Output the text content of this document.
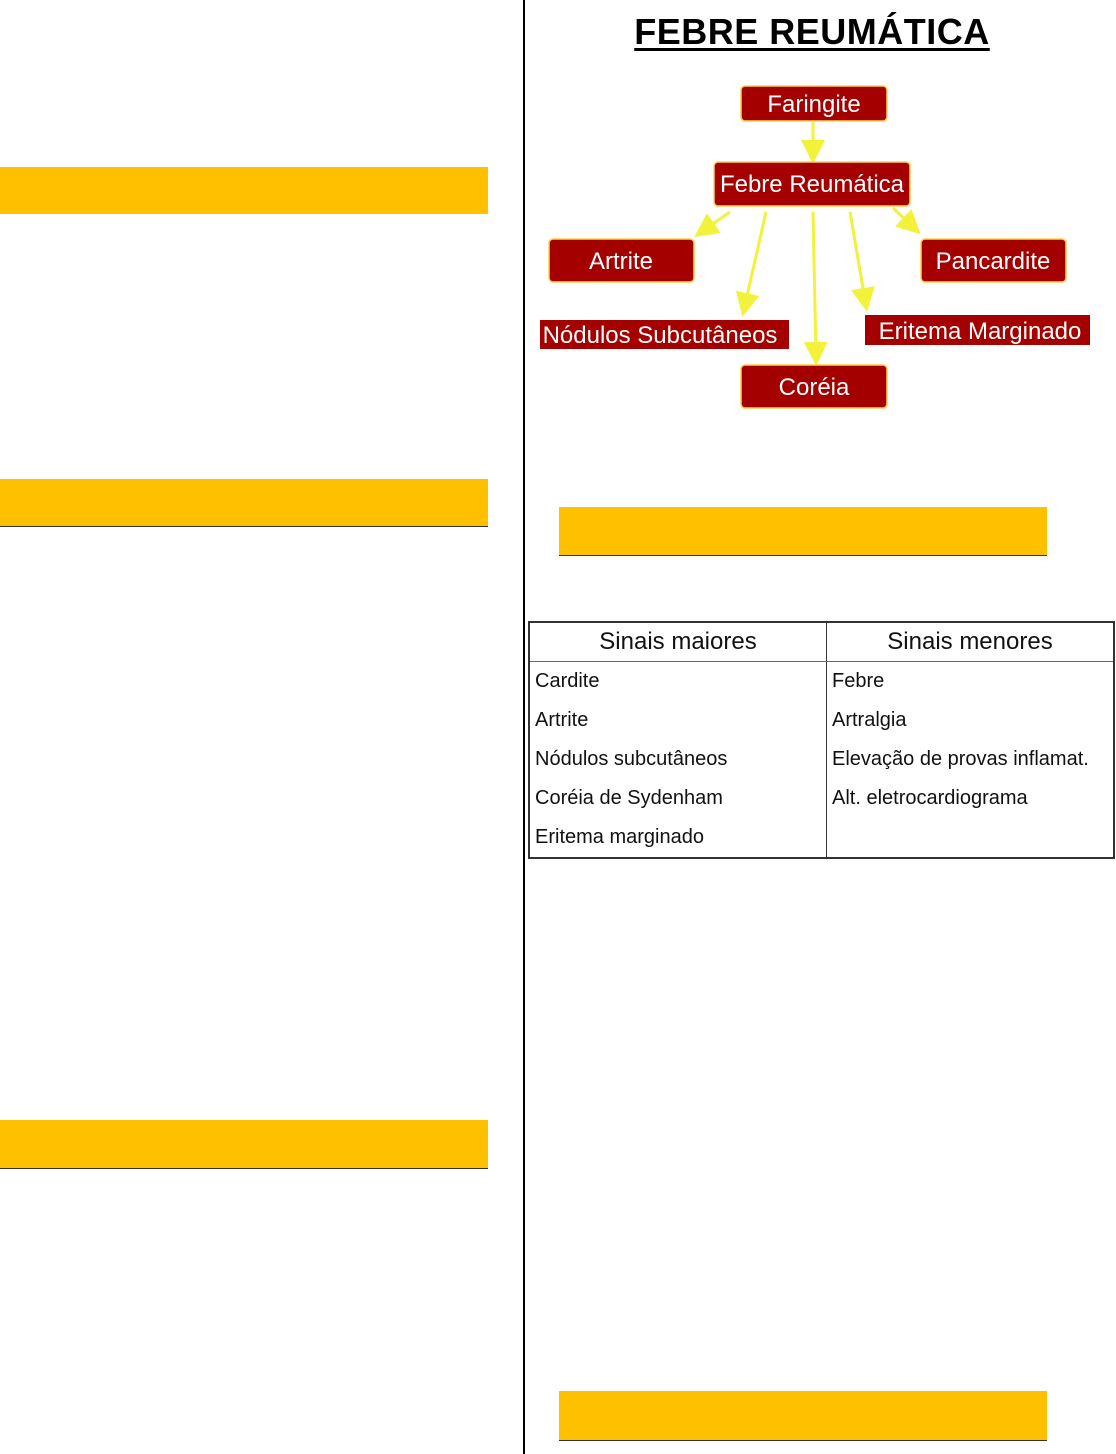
FEBRE REUMÁTICA
Faringite
Febre Reumática
Artrite	Pancardite
Nódulos Subcutâneos	Eritema Marginado
Coréia
Sinais maiores	Sinais menores
Cardite	Febre
Artrite	Artralgia
Nódulos subcutâneos	Elevação de provas inflamat.
Coréia de Sydenham	Alt. eletrocardiograma
Eritema marginado	
